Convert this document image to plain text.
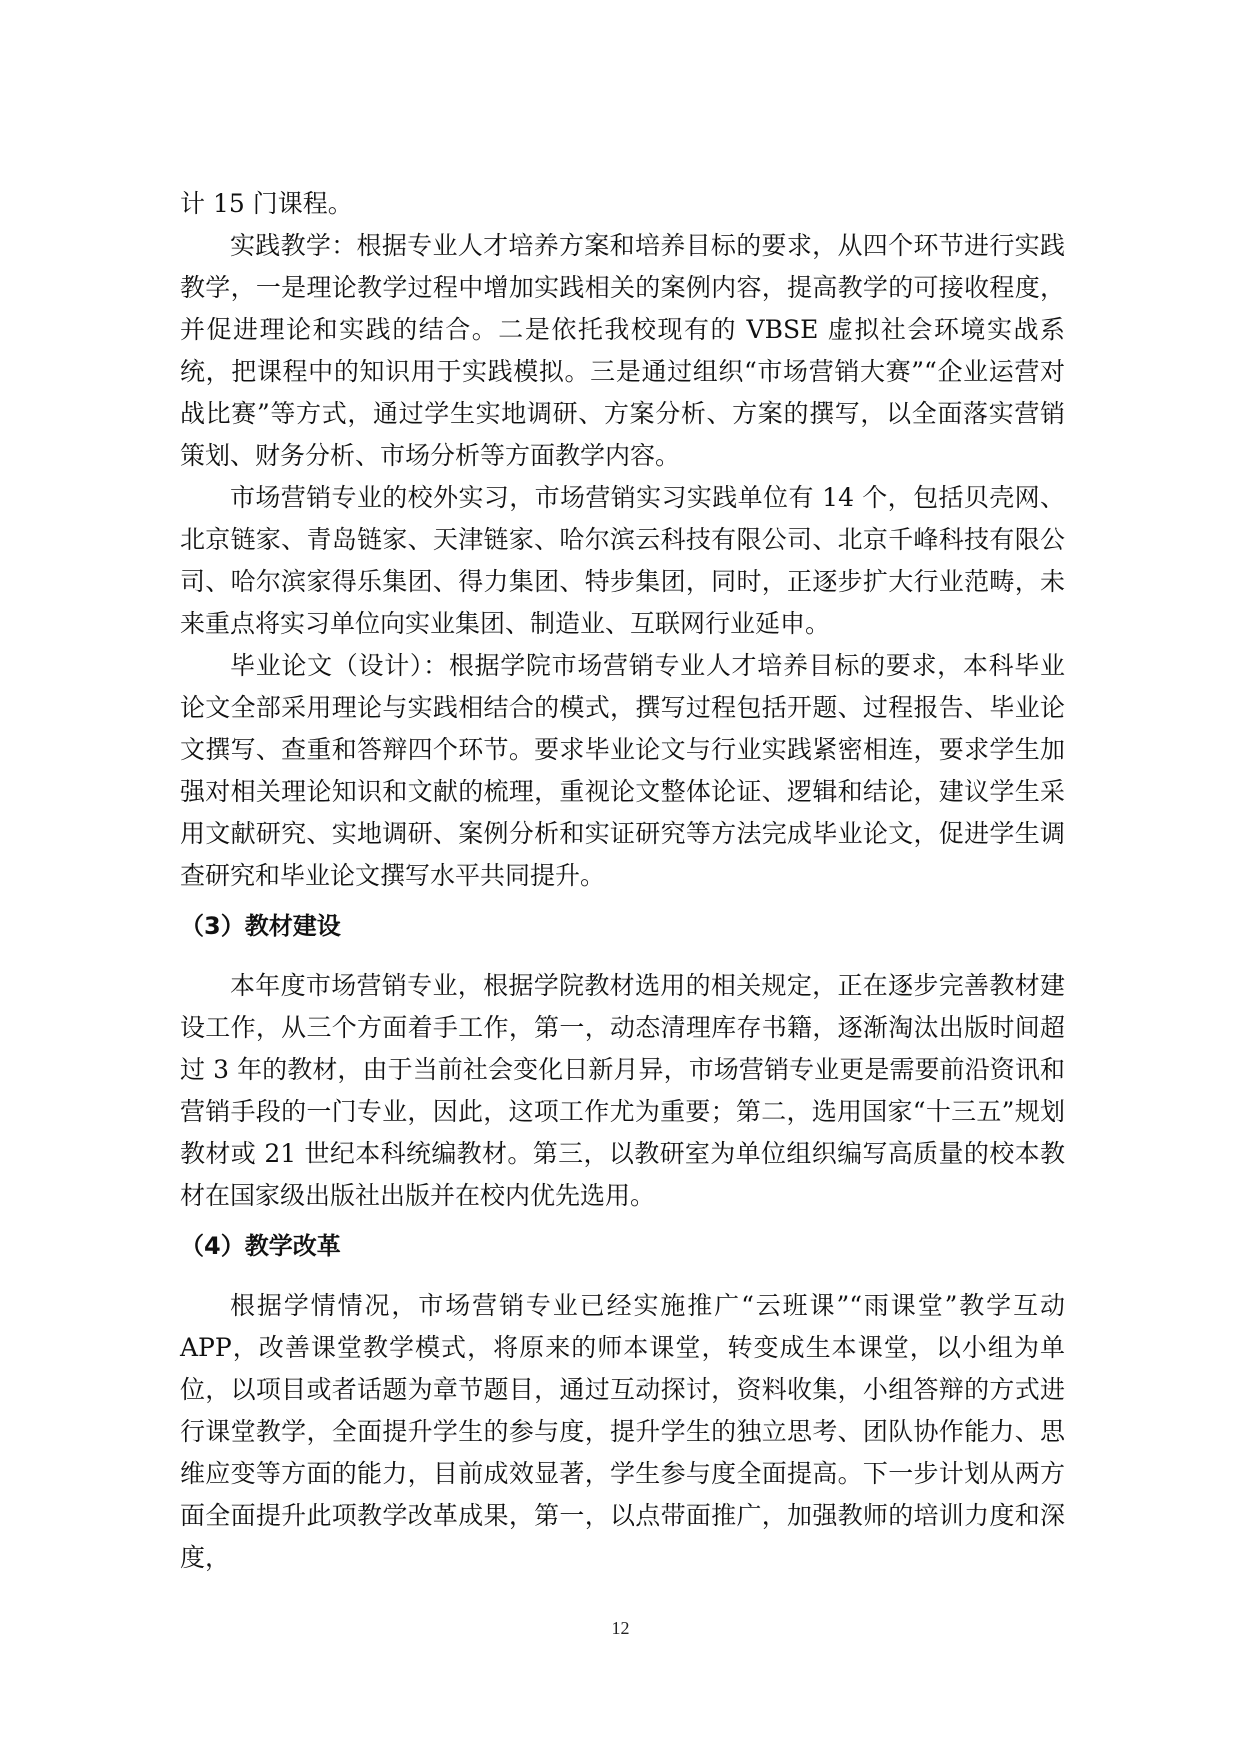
计 15 门课程。

实践教学：根据专业人才培养方案和培养目标的要求，从四个环节进行实践教学，一是理论教学过程中增加实践相关的案例内容，提高教学的可接收程度，并促进理论和实践的结合。二是依托我校现有的 VBSE 虚拟社会环境实战系统，把课程中的知识用于实践模拟。三是通过组织“市场营销大赛”“企业运营对战比赛”等方式，通过学生实地调研、方案分析、方案的撰写，以全面落实营销策划、财务分析、市场分析等方面教学内容。

市场营销专业的校外实习，市场营销实习实践单位有 14 个，包括贝壳网、北京链家、青岛链家、天津链家、哈尔滨云科技有限公司、北京千峰科技有限公司、哈尔滨家得乐集团、得力集团、特步集团，同时，正逐步扩大行业范畴，未来重点将实习单位向实业集团、制造业、互联网行业延申。

毕业论文（设计）：根据学院市场营销专业人才培养目标的要求，本科毕业论文全部采用理论与实践相结合的模式，撰写过程包括开题、过程报告、毕业论文撰写、查重和答辩四个环节。要求毕业论文与行业实践紧密相连，要求学生加强对相关理论知识和文献的梳理，重视论文整体论证、逻辑和结论，建议学生采用文献研究、实地调研、案例分析和实证研究等方法完成毕业论文，促进学生调查研究和毕业论文撰写水平共同提升。

（3）教材建设

本年度市场营销专业，根据学院教材选用的相关规定，正在逐步完善教材建设工作，从三个方面着手工作，第一，动态清理库存书籍，逐渐淘汰出版时间超过 3 年的教材，由于当前社会变化日新月异，市场营销专业更是需要前沿资讯和营销手段的一门专业，因此，这项工作尤为重要；第二，选用国家“十三五”规划教材或 21 世纪本科统编教材。第三，以教研室为单位组织编写高质量的校本教材在国家级出版社出版并在校内优先选用。

（4）教学改革

根据学情情况，市场营销专业已经实施推广“云班课”“雨课堂”教学互动APP，改善课堂教学模式，将原来的师本课堂，转变成生本课堂，以小组为单位，以项目或者话题为章节题目，通过互动探讨，资料收集，小组答辩的方式进行课堂教学，全面提升学生的参与度，提升学生的独立思考、团队协作能力、思维应变等方面的能力，目前成效显著，学生参与度全面提高。下一步计划从两方面全面提升此项教学改革成果，第一，以点带面推广，加强教师的培训力度和深度，

12
